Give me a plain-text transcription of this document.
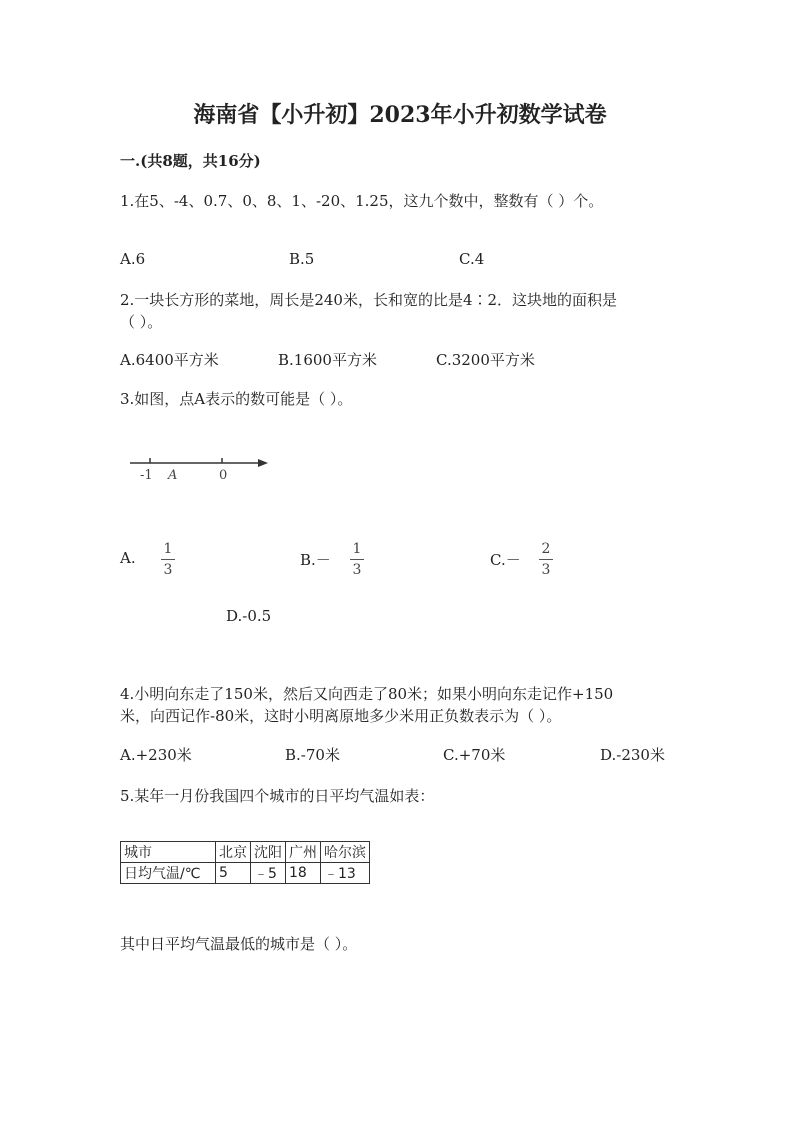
海南省【小升初】2023年小升初数学试卷
一.(共8题，共16分)
1.在5、-4、0.7、0、8、1、-20、1.25，这九个数中，整数有（ ）个。
A.6	B.5	C.4
2.一块长方形的菜地，周长是240米，长和宽的比是4∶2．这块地的面积是
（ ）。
A.6400平方米	B.1600平方米	C.3200平方米
3.如图，点A表示的数可能是（ ）。
-1 A	0
A. 1
3
B.－
1
3
C.－
2
3
D.-0.5
4.小明向东走了150米，然后又向西走了80米；如果小明向东走记作+150
米，向西记作-80米，这时小明离原地多少米用正负数表示为（ ）。
A.+230米	B.-70米	C.+70米	D.-230米
5.某年一月份我国四个城市的日平均气温如表：
城市	北京	沈阳	广州	哈尔滨
日均气温/℃	5	﹣5	18	﹣13
其中日平均气温最低的城市是（ ）。
